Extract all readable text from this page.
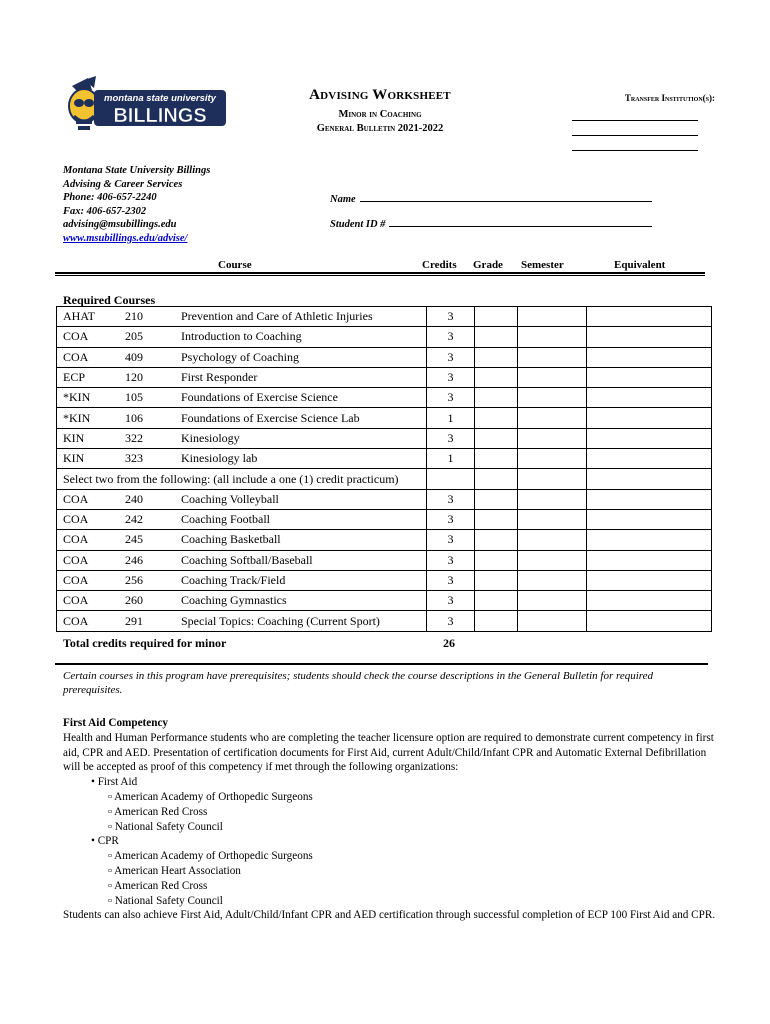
montana state university
BILLINGS
Advising Worksheet
Minor in Coaching
General Bulletin 2021-2022
Transfer Institution(s):
Montana State University Billings
Advising & Career Services
Phone: 406-657-2240
Fax: 406-657-2302
advising@msubillings.edu
www.msubillings.edu/advise/
Name
Student ID #
Course	Credits Grade Semester	Equivalent
Required Courses
AHAT	210	Prevention and Care of Athletic Injuries	3			
COA	205	Introduction to Coaching	3			
COA	409	Psychology of Coaching	3			
ECP	120	First Responder	3			
*KIN	105	Foundations of Exercise Science	3			
*KIN	106	Foundations of Exercise Science Lab	1			
KIN	322	Kinesiology	3			
KIN	323	Kinesiology lab	1			
Select two from the following: (all include a one (1) credit practicum)						
COA	240	Coaching Volleyball	3			
COA	242	Coaching Football	3			
COA	245	Coaching Basketball	3			
COA	246	Coaching Softball/Baseball	3			
COA	256	Coaching Track/Field	3			
COA	260	Coaching Gymnastics	3			
COA	291	Special Topics: Coaching (Current Sport)	3			
Total credits required for minor	26
Certain courses in this program have prerequisites; students should check the course descriptions in the General Bulletin for required prerequisites.
First Aid Competency
Health and Human Performance students who are completing the teacher licensure option are required to demonstrate current competency in first aid, CPR and AED. Presentation of certification documents for First Aid, current Adult/Child/Infant CPR and Automatic External Defibrillation will be accepted as proof of this competency if met through the following organizations:
• First Aid
▫ American Academy of Orthopedic Surgeons
▫ American Red Cross
▫ National Safety Council
• CPR
▫ American Academy of Orthopedic Surgeons
▫ American Heart Association
▫ American Red Cross
▫ National Safety Council
Students can also achieve First Aid, Adult/Child/Infant CPR and AED certification through successful completion of ECP 100 First Aid and CPR.
